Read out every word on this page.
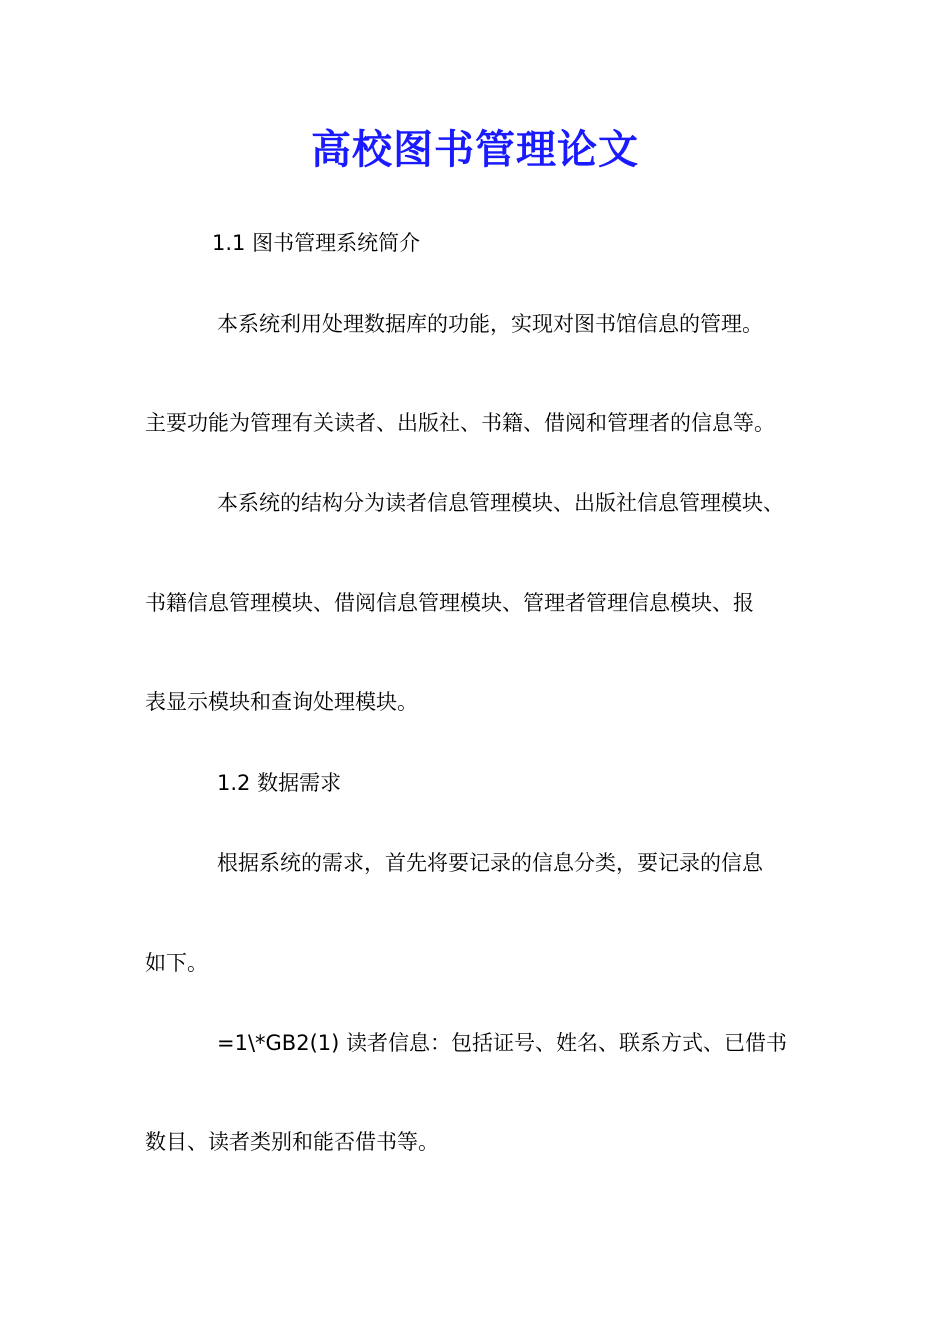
高校图书管理论文
1.1 图书管理系统简介
本系统利用处理数据库的功能，实现对图书馆信息的管理。
主要功能为管理有关读者、出版社、书籍、借阅和管理者的信息等。
本系统的结构分为读者信息管理模块、出版社信息管理模块、
书籍信息管理模块、借阅信息管理模块、管理者管理信息模块、报
表显示模块和查询处理模块。
1.2 数据需求
根据系统的需求，首先将要记录的信息分类，要记录的信息
如下。
=1\*GB2(1) 读者信息：包括证号、姓名、联系方式、已借书
数目、读者类别和能否借书等。
